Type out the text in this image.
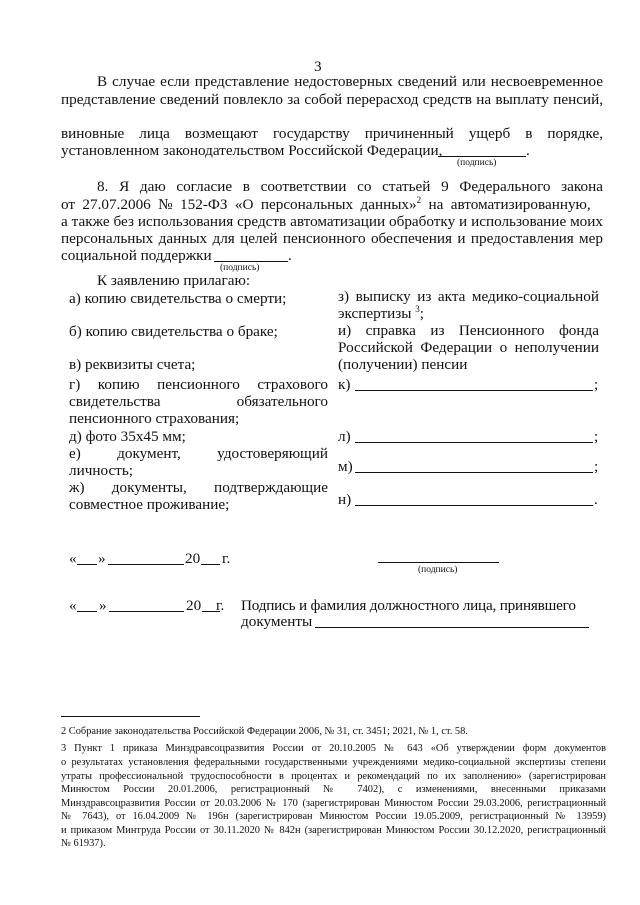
3
В случае если представление недостоверных сведений или несвоевременное
представление сведений повлекло за собой перерасход средств на выплату пенсий,
виновные лица возмещают государству причиненный ущерб в порядке,
установленном законодательством Российской Федерации,	.
(подпись)
8. Я даю согласие в соответствии со статьей 9 Федерального закона
от 27.07.2006 № 152-ФЗ «О персональных данных»$^2$ на автоматизированную,
а также без использования средств автоматизации обработку и использование моих
персональных данных для целей пенсионного обеспечения и предоставления мер
социальной поддержки	.
(подпись)
К заявлению прилагаю:
а) копию свидетельства о смерти;
б) копию свидетельства о браке;
в) реквизиты счета;
г) копию пенсионного страхового
свидетельства обязательного
пенсионного страхования;
д) фото 35х45 мм;
е) документ, удостоверяющий
личность;
ж) документы, подтверждающие
совместное проживание;
з) выписку из акта медико-социальной
экспертизы $^3$;
и) справка из Пенсионного фонда
Российской Федерации о неполучении
(получении) пенсии
к)	;
л)	;
м)	;
н)	.
« »	20 г.
(подпись)
« »	20 г. Подпись и фамилия должностного лица, принявшего
документы
2 Собрание законодательства Российской Федерации 2006, № 31, ст. 3451; 2021, № 1, ст. 58.
3 Пункт 1 приказа Минздравсоцразвития России от 20.10.2005 № 643 «Об утверждении форм документов
о результатах установления федеральными государственными учреждениями медико-социальной экспертизы степени
утраты профессиональной трудоспособности в процентах и рекомендаций по их заполнению» (зарегистрирован
Минюстом России 20.01.2006, регистрационный № 7402), с изменениями, внесенными приказами
Минздравсоцразвития России от 20.03.2006 № 170 (зарегистрирован Минюстом России 29.03.2006, регистрационный
№ 7643), от 16.04.2009 № 196н (зарегистрирован Минюстом России 19.05.2009, регистрационный № 13959)
и приказом Минтруда России от 30.11.2020 № 842н (зарегистрирован Минюстом России 30.12.2020, регистрационный
№ 61937).
